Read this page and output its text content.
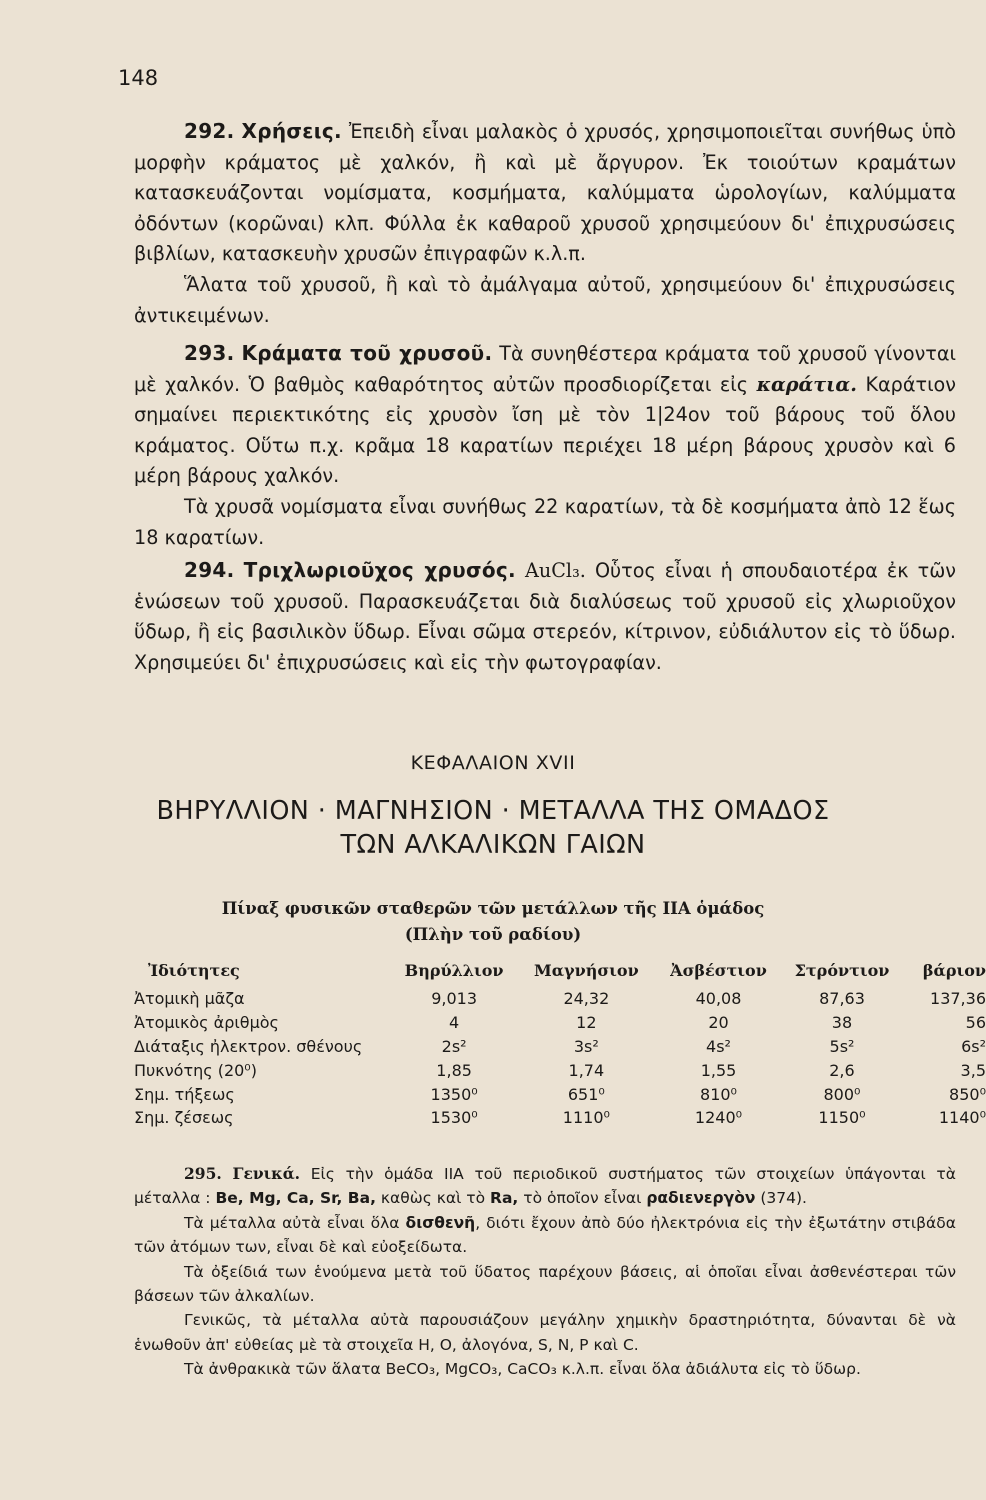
148

292. Χρήσεις. Ἐπειδὴ εἶναι μαλακὸς ὁ χρυσός, χρησιμοποιεῖται συνήθως ὑπὸ μορφὴν κράματος μὲ χαλκόν, ἢ καὶ μὲ ἄργυρον. Ἐκ τοιούτων κραμάτων κατασκευάζονται νομίσματα, κοσμήματα, καλύμματα ὡρολογίων, καλύμματα ὀδόντων (κορῶναι) κλπ. Φύλλα ἐκ καθαροῦ χρυσοῦ χρησιμεύουν δι' ἐπιχρυσώσεις βιβλίων, κατασκευὴν χρυσῶν ἐπιγραφῶν κ.λ.π.

Ἅλατα τοῦ χρυσοῦ, ἢ καὶ τὸ ἀμάλγαμα αὐτοῦ, χρησιμεύουν δι' ἐπιχρυσώσεις ἀντικειμένων.

293. Κράματα τοῦ χρυσοῦ. Τὰ συνηθέστερα κράματα τοῦ χρυσοῦ γίνονται μὲ χαλκόν. Ὁ βαθμὸς καθαρότητος αὐτῶν προσδιορίζεται εἰς καράτια. Καράτιον σημαίνει περιεκτικότης εἰς χρυσὸν ἴση μὲ τὸν 1|24ον τοῦ βάρους τοῦ ὅλου κράματος. Οὕτω π.χ. κρᾶμα 18 καρατίων περιέχει 18 μέρη βάρους χρυσὸν καὶ 6 μέρη βάρους χαλκόν.

Τὰ χρυσᾶ νομίσματα εἶναι συνήθως 22 καρατίων, τὰ δὲ κοσμήματα ἀπὸ 12 ἕως 18 καρατίων.

294. Τριχλωριοῦχος χρυσός. AuCl₃. Οὗτος εἶναι ἡ σπουδαιοτέρα ἐκ τῶν ἑνώσεων τοῦ χρυσοῦ. Παρασκευάζεται διὰ διαλύσεως τοῦ χρυσοῦ εἰς χλωριοῦχον ὕδωρ, ἢ εἰς βασιλικὸν ὕδωρ. Εἶναι σῶμα στερεόν, κίτρινον, εὐδιάλυτον εἰς τὸ ὕδωρ. Χρησιμεύει δι' ἐπιχρυσώσεις καὶ εἰς τὴν φωτογραφίαν.

ΚΕΦΑΛΑΙΟΝ XVII
ΒΗΡΥΛΛΙΟΝ · ΜΑΓΝΗΣΙΟΝ · ΜΕΤΑΛΛΑ ΤΗΣ ΟΜΑΔΟΣ
ΤΩΝ ΑΛΚΑΛΙΚΩΝ ΓΑΙΩΝ
Πίναξ φυσικῶν σταθερῶν τῶν μετάλλων τῆς ΙΙΑ ὁμάδος
(Πλὴν τοῦ ραδίου)
Ἰδιότητες	Βηρύλλιον	Μαγνήσιον	Ἀσβέστιον	Στρόντιον	βάριον
Ἀτομικὴ μᾶζα	9,013	24,32	40,08	87,63	137,36
Ἀτομικὸς ἀριθμὸς	4	12	20	38	56
Διάταξις ἠλεκτρον. σθένους	2s²	3s²	4s²	5s²	6s²
Πυκνότης (20⁰)	1,85	1,74	1,55	2,6	3,5
Σημ. τήξεως	1350⁰	651⁰	810⁰	800⁰	850⁰
Σημ. ζέσεως	1530⁰	1110⁰	1240⁰	1150⁰	1140⁰

295. Γενικά. Εἰς τὴν ὁμάδα ΙΙΑ τοῦ περιοδικοῦ συστήματος τῶν στοιχείων ὑπάγονται τὰ μέταλλα : Be, Mg, Ca, Sr, Ba, καθὼς καὶ τὸ Ra, τὸ ὁποῖον εἶναι ραδιενεργὸν (374).

Τὰ μέταλλα αὐτὰ εἶναι ὅλα δισθενῆ, διότι ἔχουν ἀπὸ δύο ἠλεκτρόνια εἰς τὴν ἐξωτάτην στιβάδα τῶν ἀτόμων των, εἶναι δὲ καὶ εὐοξείδωτα.

Τὰ ὀξείδιά των ἑνούμενα μετὰ τοῦ ὕδατος παρέχουν βάσεις, αἱ ὁποῖαι εἶναι ἀσθενέστεραι τῶν βάσεων τῶν ἀλκαλίων.

Γενικῶς, τὰ μέταλλα αὐτὰ παρουσιάζουν μεγάλην χημικὴν δραστηριότητα, δύνανται δὲ νὰ ἑνωθοῦν ἀπ' εὐθείας μὲ τὰ στοιχεῖα H, O, ἀλογόνα, S, N, P καὶ C.

Τὰ ἀνθρακικὰ τῶν ἅλατα BeCO₃, MgCO₃, CaCO₃ κ.λ.π. εἶναι ὅλα ἀδιάλυτα εἰς τὸ ὕδωρ.
